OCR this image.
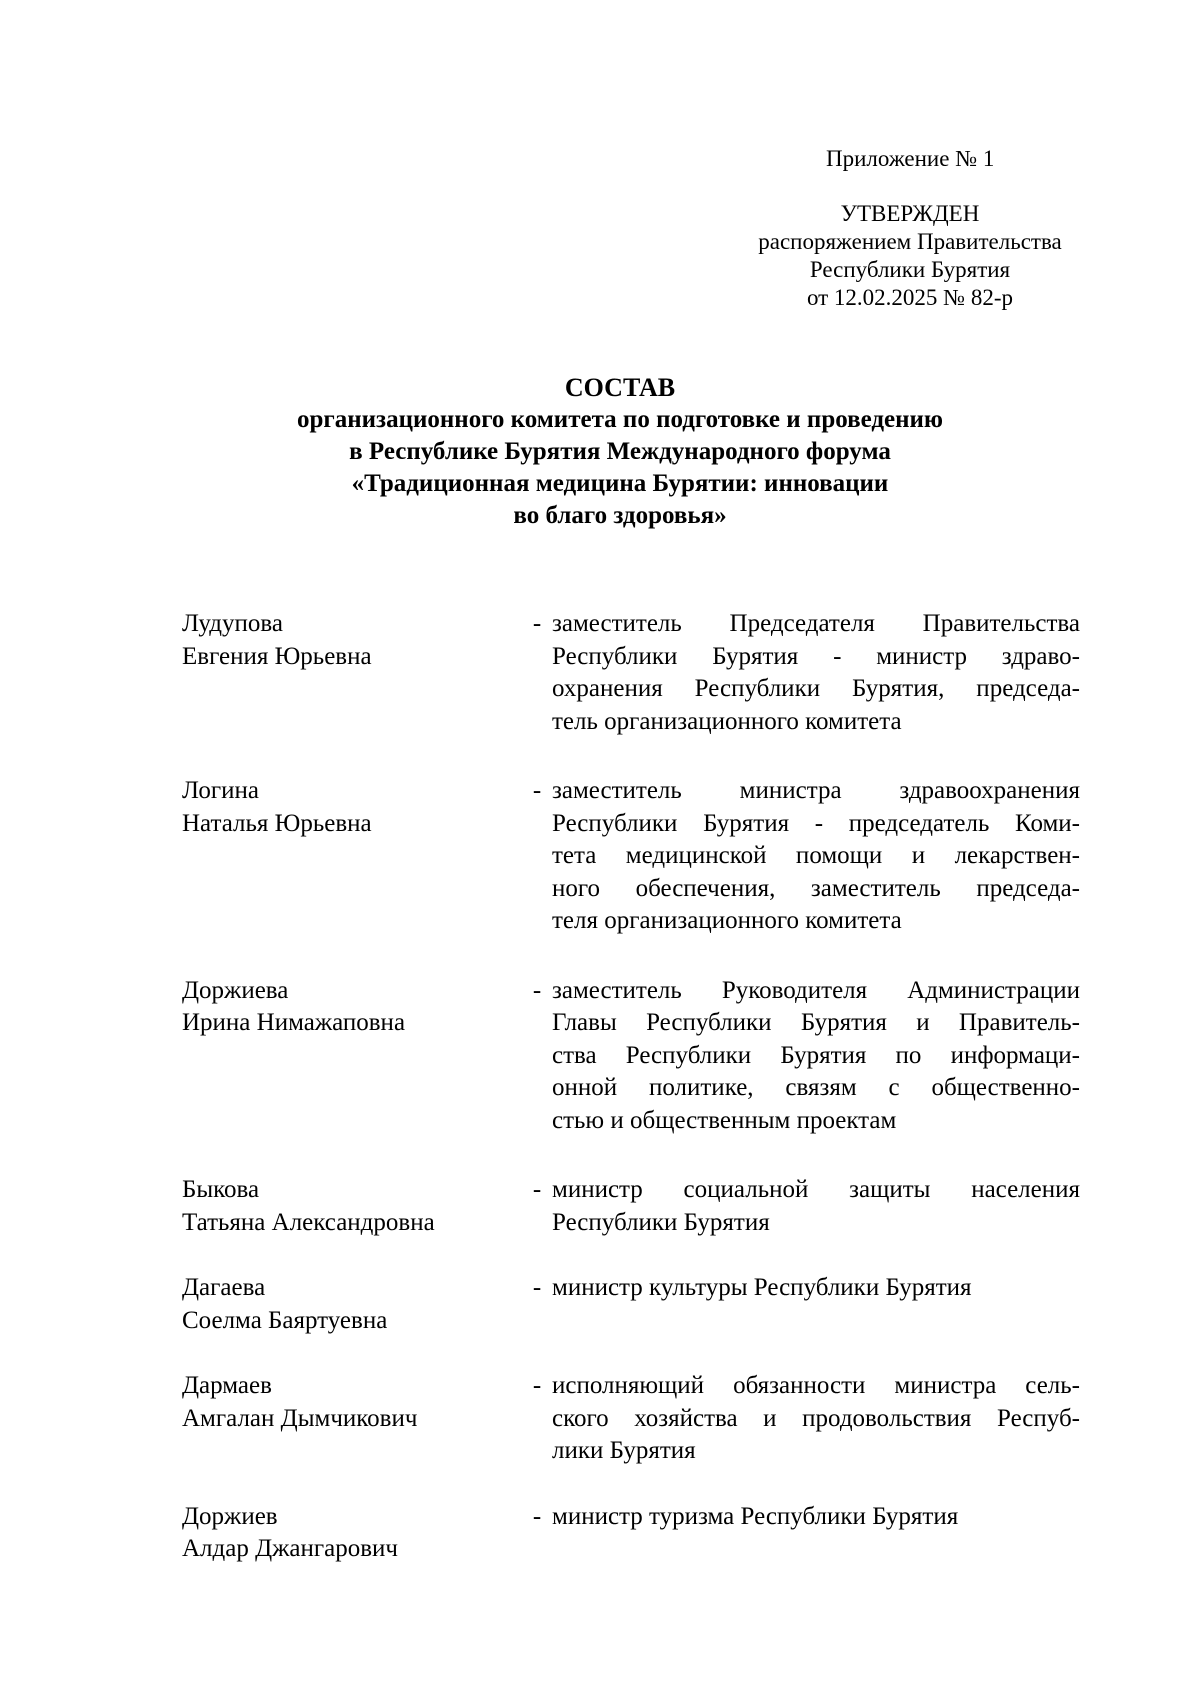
Приложение № 1
УТВЕРЖДЕН
распоряжением Правительства
Республики Бурятия
от 12.02.2025 № 82-р
СОСТАВ
организационного комитета по подготовке и проведению
в Республике Бурятия Международного форума
«Традиционная медицина Бурятии: инновации
во благо здоровья»
Лудупова
Евгения Юрьевна
- заместитель Председателя Правительства
Республики Бурятия - министр здраво-
охранения Республики Бурятия, председа-
тель организационного комитета
Логина
Наталья Юрьевна
- заместитель министра здравоохранения
Республики Бурятия - председатель Коми-
тета медицинской помощи и лекарствен-
ного обеспечения, заместитель председа-
теля организационного комитета
Доржиева
Ирина Нимажаповна
- заместитель Руководителя Администрации
Главы Республики Бурятия и Правитель-
ства Республики Бурятия по информаци-
онной политике, связям с общественно-
стью и общественным проектам
Быкова
Татьяна Александровна
- министр социальной защиты населения
Республики Бурятия
Дагаева
Соелма Баяртуевна
- министр культуры Республики Бурятия
Дармаев
Амгалан Дымчикович
- исполняющий обязанности министра сель-
ского хозяйства и продовольствия Респуб-
лики Бурятия
Доржиев
Алдар Джангарович
- министр туризма Республики Бурятия
